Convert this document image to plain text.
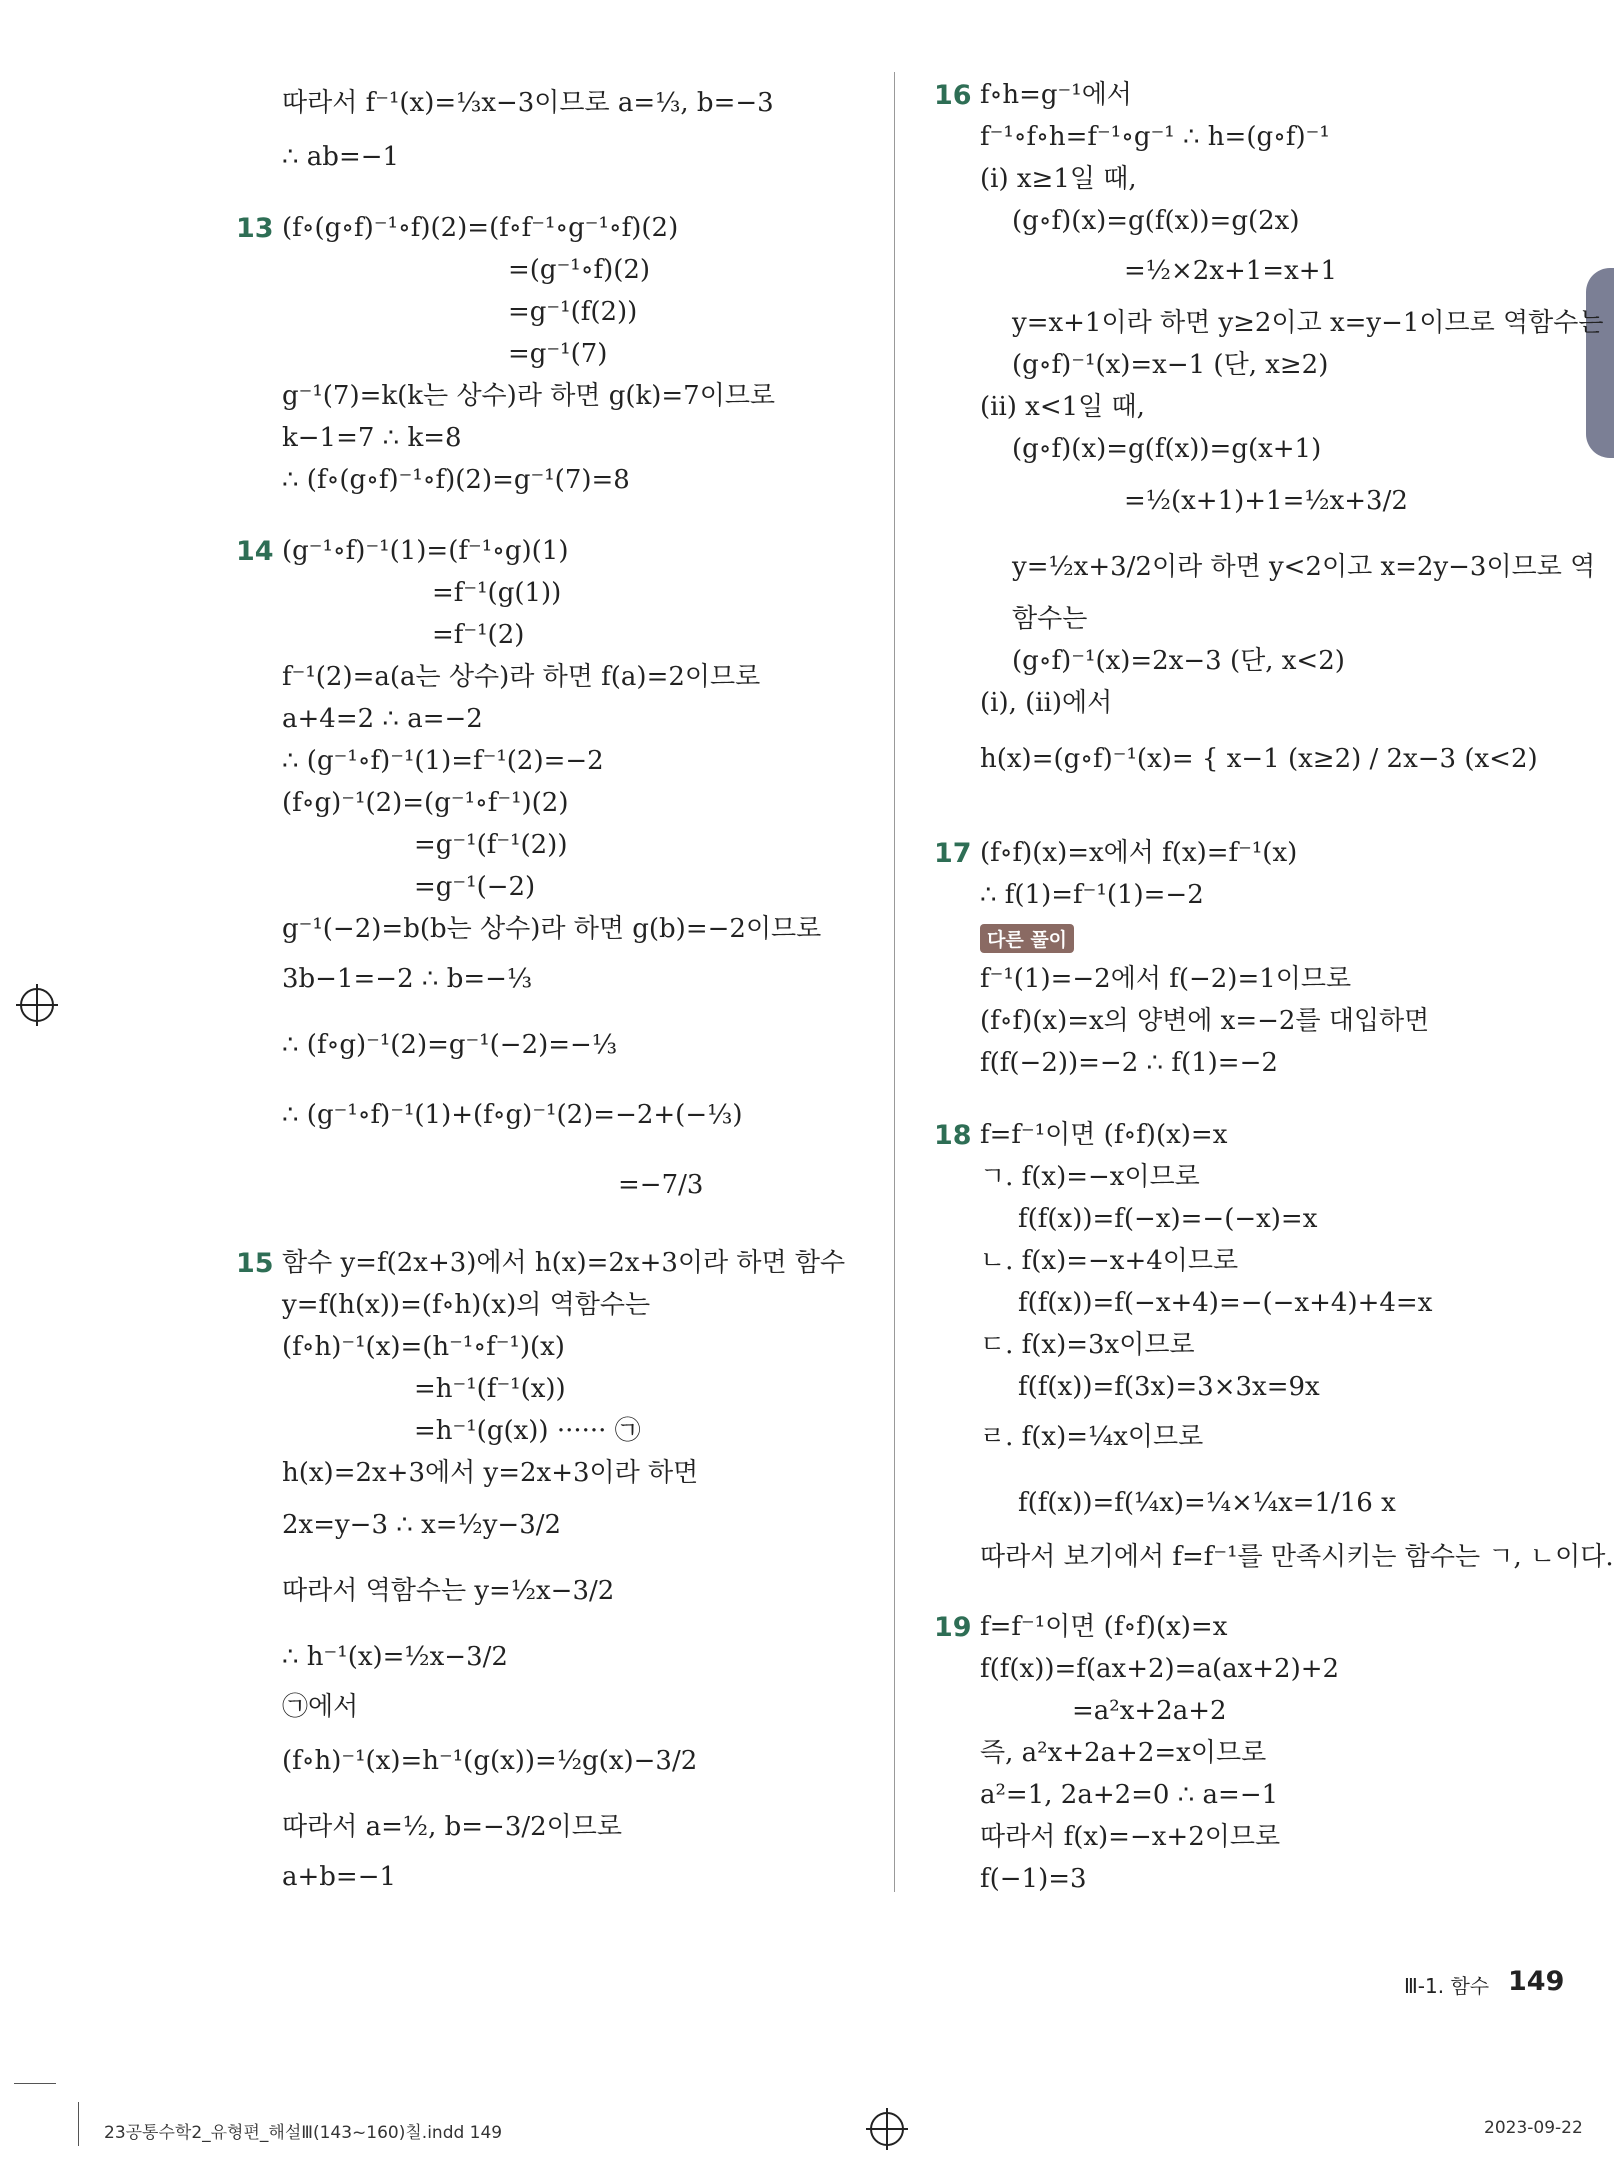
따라서 f⁻¹(x)=⅓x−3이므로 a=⅓, b=−3
∴ ab=−1
13 (f∘(g∘f)⁻¹∘f)(2)=(f∘f⁻¹∘g⁻¹∘f)(2)
=(g⁻¹∘f)(2)
=g⁻¹(f(2))
=g⁻¹(7)
g⁻¹(7)=k(k는 상수)라 하면 g(k)=7이므로
k−1=7 ∴ k=8
∴ (f∘(g∘f)⁻¹∘f)(2)=g⁻¹(7)=8
14 (g⁻¹∘f)⁻¹(1)=(f⁻¹∘g)(1)
=f⁻¹(g(1))
=f⁻¹(2)
f⁻¹(2)=a(a는 상수)라 하면 f(a)=2이므로
a+4=2 ∴ a=−2
∴ (g⁻¹∘f)⁻¹(1)=f⁻¹(2)=−2
(f∘g)⁻¹(2)=(g⁻¹∘f⁻¹)(2)
=g⁻¹(f⁻¹(2))
=g⁻¹(−2)
g⁻¹(−2)=b(b는 상수)라 하면 g(b)=−2이므로
3b−1=−2 ∴ b=−⅓
∴ (f∘g)⁻¹(2)=g⁻¹(−2)=−⅓
∴ (g⁻¹∘f)⁻¹(1)+(f∘g)⁻¹(2)=−2+(−⅓)
=−7/3
15 함수 y=f(2x+3)에서 h(x)=2x+3이라 하면 함수
y=f(h(x))=(f∘h)(x)의 역함수는
(f∘h)⁻¹(x)=(h⁻¹∘f⁻¹)(x)
=h⁻¹(f⁻¹(x))
=h⁻¹(g(x)) ······ ㉠
h(x)=2x+3에서 y=2x+3이라 하면
2x=y−3 ∴ x=½y−3/2
따라서 역함수는 y=½x−3/2
∴ h⁻¹(x)=½x−3/2
㉠에서
(f∘h)⁻¹(x)=h⁻¹(g(x))=½g(x)−3/2
따라서 a=½, b=−3/2이므로
a+b=−1
16 f∘h=g⁻¹에서
f⁻¹∘f∘h=f⁻¹∘g⁻¹ ∴ h=(g∘f)⁻¹
(i) x≥1일 때,
(g∘f)(x)=g(f(x))=g(2x)
=½×2x+1=x+1
y=x+1이라 하면 y≥2이고 x=y−1이므로 역함수는
(g∘f)⁻¹(x)=x−1 (단, x≥2)
(ii) x<1일 때,
(g∘f)(x)=g(f(x))=g(x+1)
=½(x+1)+1=½x+3/2
y=½x+3/2이라 하면 y<2이고 x=2y−3이므로 역
함수는
(g∘f)⁻¹(x)=2x−3 (단, x<2)
(i), (ii)에서
h(x)=(g∘f)⁻¹(x)= { x−1 (x≥2) / 2x−3 (x<2)
17 (f∘f)(x)=x에서 f(x)=f⁻¹(x)
∴ f(1)=f⁻¹(1)=−2
다른 풀이
f⁻¹(1)=−2에서 f(−2)=1이므로
(f∘f)(x)=x의 양변에 x=−2를 대입하면
f(f(−2))=−2 ∴ f(1)=−2
18 f=f⁻¹이면 (f∘f)(x)=x
ㄱ. f(x)=−x이므로
f(f(x))=f(−x)=−(−x)=x
ㄴ. f(x)=−x+4이므로
f(f(x))=f(−x+4)=−(−x+4)+4=x
ㄷ. f(x)=3x이므로
f(f(x))=f(3x)=3×3x=9x
ㄹ. f(x)=¼x이므로
f(f(x))=f(¼x)=¼×¼x=1/16 x
따라서 보기에서 f=f⁻¹를 만족시키는 함수는 ㄱ, ㄴ이다.
19 f=f⁻¹이면 (f∘f)(x)=x
f(f(x))=f(ax+2)=a(ax+2)+2
=a²x+2a+2
즉, a²x+2a+2=x이므로
a²=1, 2a+2=0 ∴ a=−1
따라서 f(x)=−x+2이므로
f(−1)=3
Ⅲ-1. 함수 149
23공통수학2_유형편_해설Ⅲ(143~160)칠.indd 149	2023-09-22
